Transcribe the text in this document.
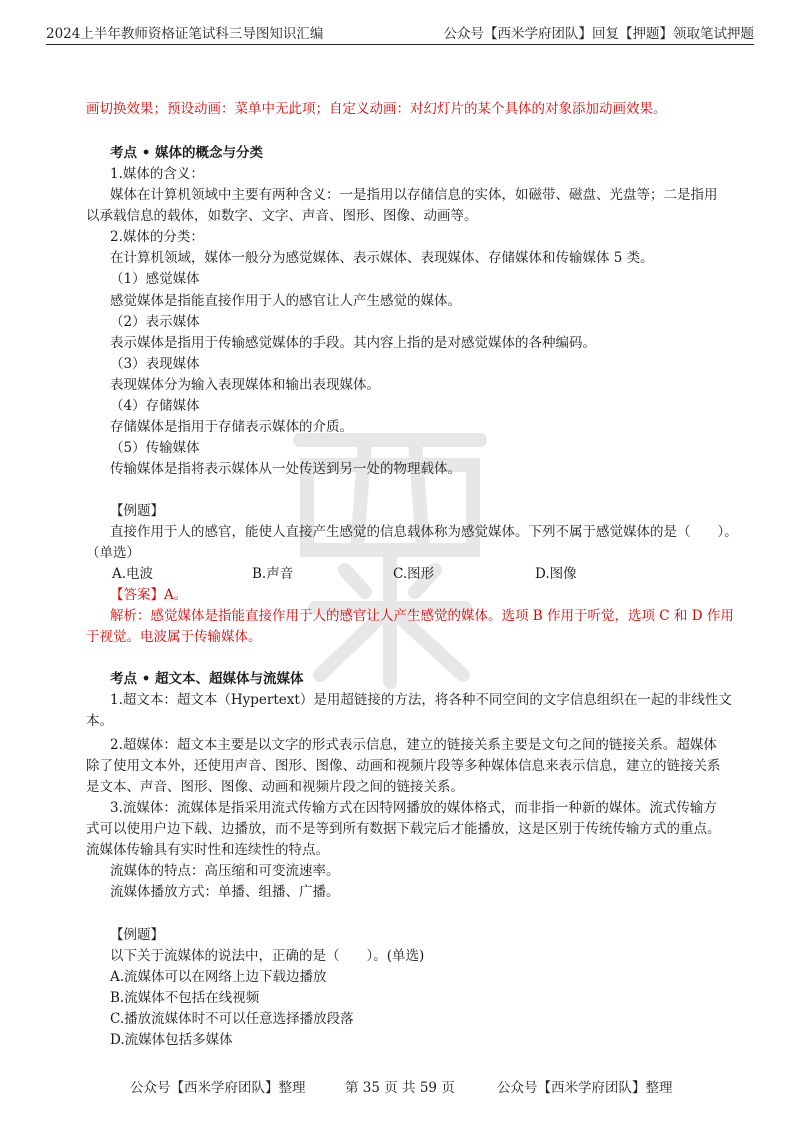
2024上半年教师资格证笔试科三导图知识汇编	公众号【西米学府团队】回复【押题】领取笔试押题
画切换效果；预设动画：菜单中无此项；自定义动画：对幻灯片的某个具体的对象添加动画效果。
考点 • 媒体的概念与分类
1.媒体的含义：
媒体在计算机领域中主要有两种含义：一是指用以存储信息的实体，如磁带、磁盘、光盘等；二是指用
以承载信息的载体，如数字、文字、声音、图形、图像、动画等。
2.媒体的分类：
在计算机领域，媒体一般分为感觉媒体、表示媒体、表现媒体、存储媒体和传输媒体 5 类。
（1）感觉媒体
感觉媒体是指能直接作用于人的感官让人产生感觉的媒体。
（2）表示媒体
表示媒体是指用于传输感觉媒体的手段。其内容上指的是对感觉媒体的各种编码。
（3）表现媒体
表现媒体分为输入表现媒体和输出表现媒体。
（4）存储媒体
存储媒体是指用于存储表示媒体的介质。
（5）传输媒体
传输媒体是指将表示媒体从一处传送到另一处的物理载体。
【例题】
直接作用于人的感官，能使人直接产生感觉的信息载体称为感觉媒体。下列不属于感觉媒体的是（　　）。
（单选）
A.电波	B.声音	C.图形	D.图像
【答案】A。
解析：感觉媒体是指能直接作用于人的感官让人产生感觉的媒体。选项 B 作用于听觉，选项 C 和 D 作用
于视觉。电波属于传输媒体。
考点 • 超文本、超媒体与流媒体
1.超文本：超文本（Hypertext）是用超链接的方法，将各种不同空间的文字信息组织在一起的非线性文
本。
2.超媒体：超文本主要是以文字的形式表示信息，建立的链接关系主要是文句之间的链接关系。超媒体
除了使用文本外，还使用声音、图形、图像、动画和视频片段等多种媒体信息来表示信息，建立的链接关系
是文本、声音、图形、图像、动画和视频片段之间的链接关系。
3.流媒体：流媒体是指采用流式传输方式在因特网播放的媒体格式，而非指一种新的媒体。流式传输方
式可以使用户边下载、边播放，而不是等到所有数据下载完后才能播放，这是区别于传统传输方式的重点。
流媒体传输具有实时性和连续性的特点。
流媒体的特点：高压缩和可变流速率。
流媒体播放方式：单播、组播、广播。
【例题】
以下关于流媒体的说法中，正确的是（　　）。(单选)
A.流媒体可以在网络上边下载边播放
B.流媒体不包括在线视频
C.播放流媒体时不可以任意选择播放段落
D.流媒体包括多媒体
公众号【西米学府团队】整理	第 35 页 共 59 页	公众号【西米学府团队】整理
